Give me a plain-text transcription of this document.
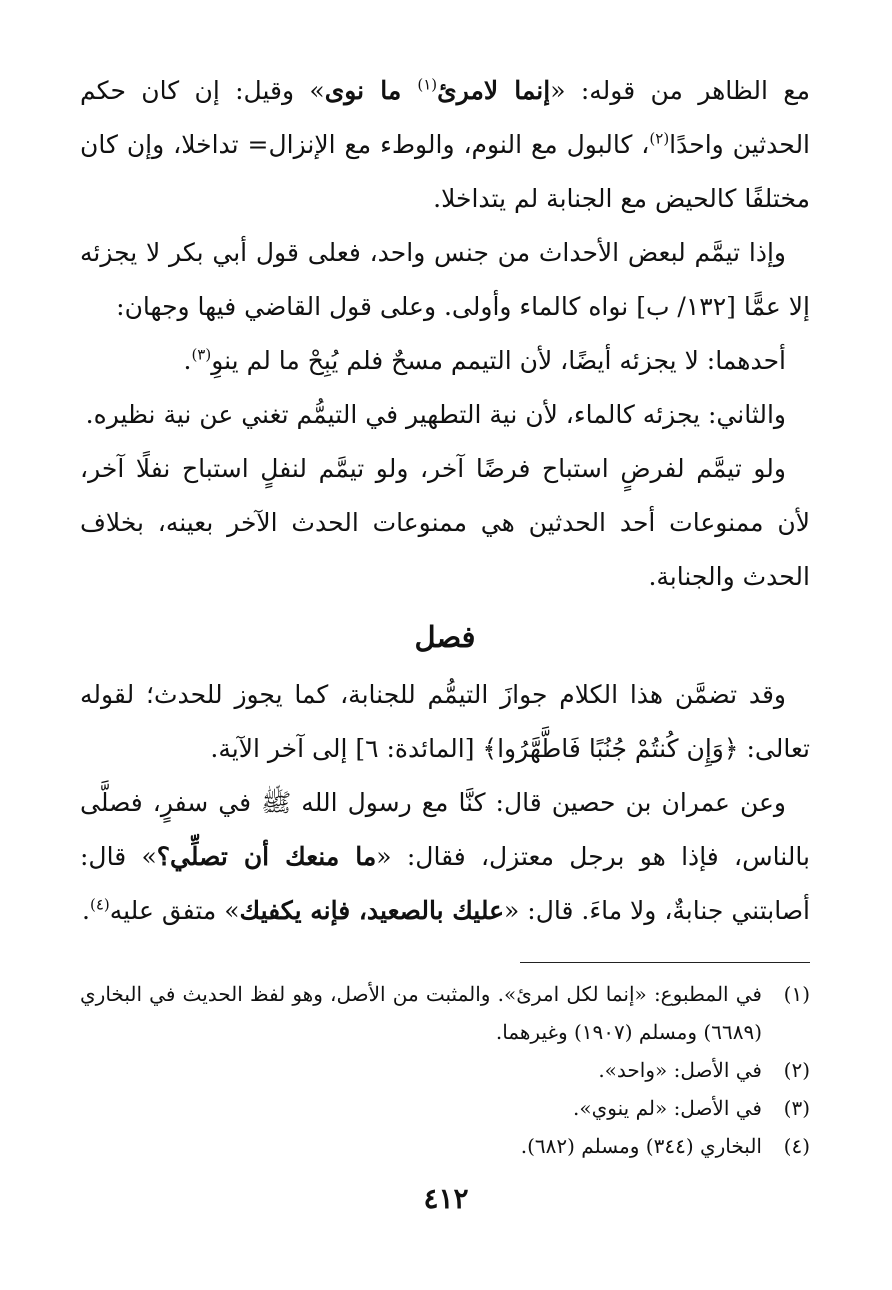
مع الظاهر من قوله: «إنما لامرئ$^{(١)}$ ما نوى» وقيل: إن كان حكم الحدثين واحدًا$^{(٢)}$، كالبول مع النوم، والوطء مع الإنزال= تداخلا، وإن كان مختلفًا كالحيض مع الجنابة لم يتداخلا.

وإذا تيمَّم لبعض الأحداث من جنس واحد، فعلى قول أبي بكر لا يجزئه إلا عمًّا [١٣٢/ ب] نواه كالماء وأولى. وعلى قول القاضي فيها وجهان:

أحدهما: لا يجزئه أيضًا، لأن التيمم مسحٌ فلم يُبِحْ ما لم ينوِ$^{(٣)}$.

والثاني: يجزئه كالماء، لأن نية التطهير في التيمُّم تغني عن نية نظيره.

ولو تيمَّم لفرضٍ استباح فرضًا آخر، ولو تيمَّم لنفلٍ استباح نفلًا آخر، لأن ممنوعات أحد الحدثين هي ممنوعات الحدث الآخر بعينه، بخلاف الحدث والجنابة.

فصل

وقد تضمَّن هذا الكلام جوازَ التيمُّم للجنابة، كما يجوز للحدث؛ لقوله تعالى: ﴿وَإِن كُنتُمْ جُنُبًا فَاطَّهَّرُوا﴾ [المائدة: ٦] إلى آخر الآية.

وعن عمران بن حصين قال: كنَّا مع رسول الله ﷺ في سفرٍ، فصلَّى بالناس، فإذا هو برجل معتزل، فقال: «ما منعك أن تصلِّي؟» قال: أصابتني جنابةٌ، ولا ماءَ. قال: «عليك بالصعيد، فإنه يكفيك» متفق عليه$^{(٤)}$.

(١)
في المطبوع: «إنما لكل امرئ». والمثبت من الأصل، وهو لفظ الحديث في البخاري (٦٦٨٩) ومسلم (١٩٠٧) وغيرهما.
(٢)
في الأصل: «واحد».
(٣)
في الأصل: «لم ينوي».
(٤)
البخاري (٣٤٤) ومسلم (٦٨٢).
٤١٢
